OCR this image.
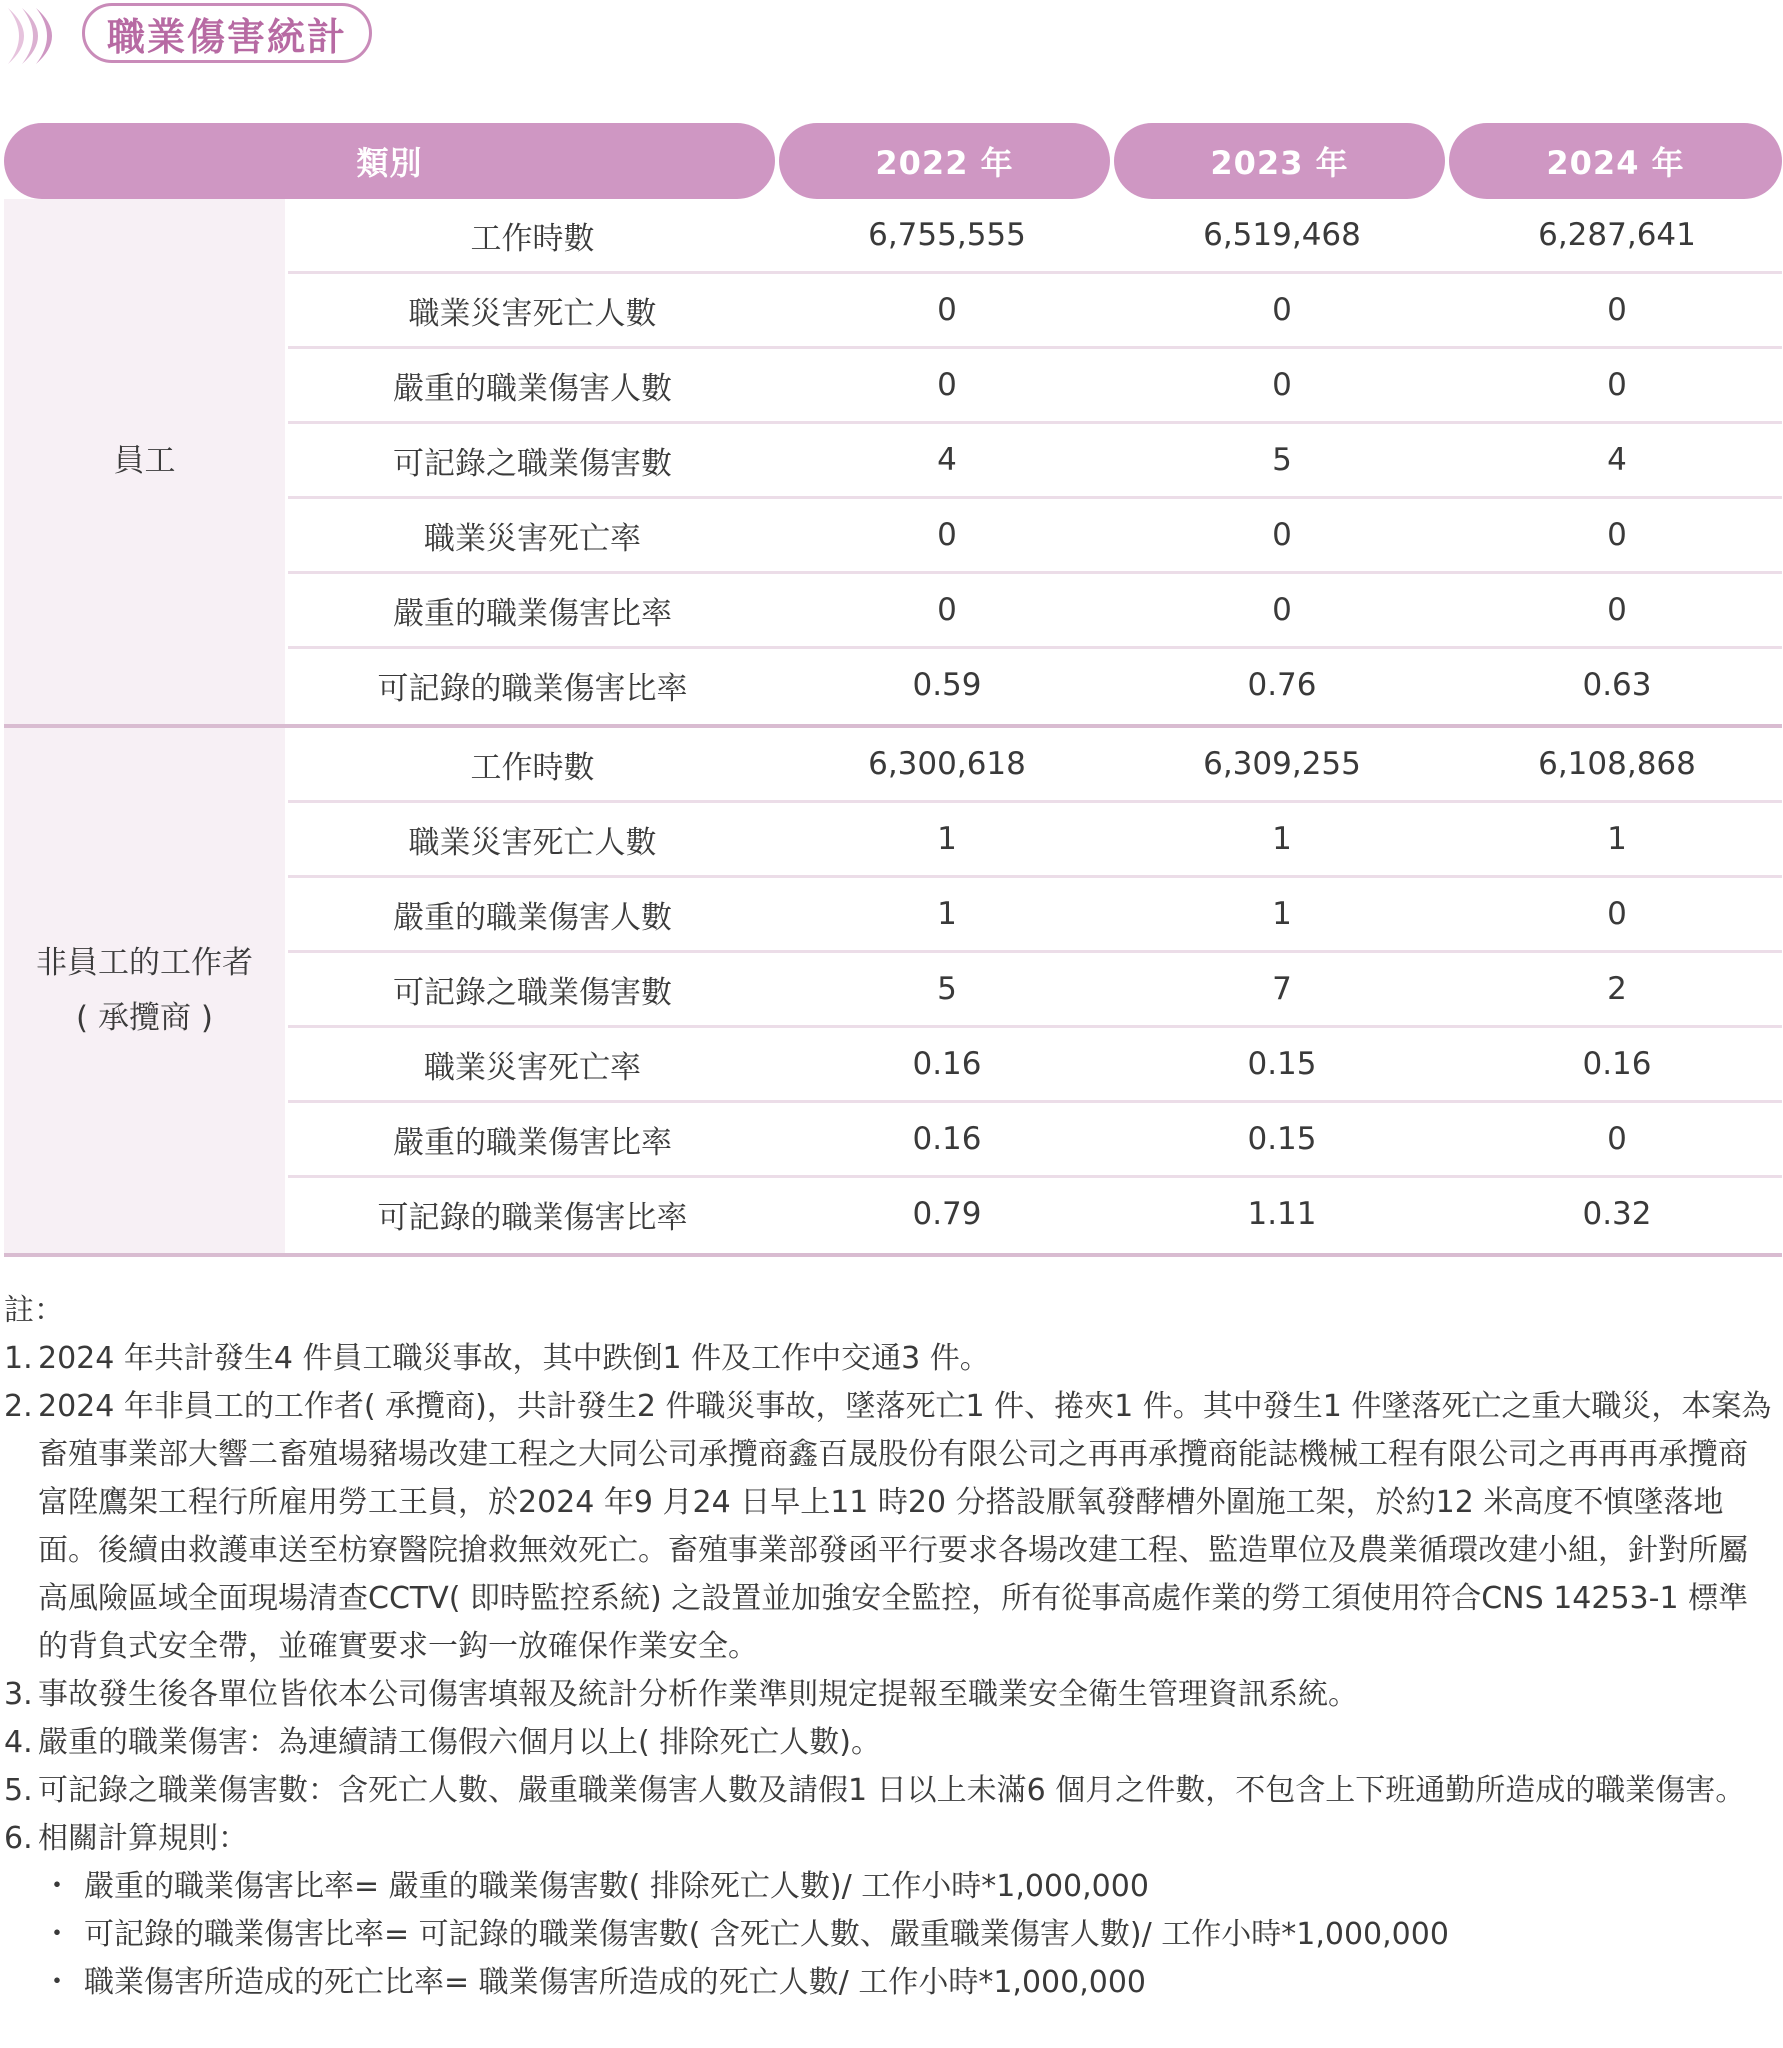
職業傷害統計
類別	2022 年	2023 年	2024 年
員工
工作時數	6,755,555	6,519,468	6,287,641
職業災害死亡人數	0	0	0
嚴重的職業傷害人數	0	0	0
可記錄之職業傷害數	4	5	4
職業災害死亡率	0	0	0
嚴重的職業傷害比率	0	0	0
可記錄的職業傷害比率	0.59	0.76	0.63
非員工的工作者
( 承攬商 )
工作時數	6,300,618	6,309,255	6,108,868
職業災害死亡人數	1	1	1
嚴重的職業傷害人數	1	1	0
可記錄之職業傷害數	5	7	2
職業災害死亡率	0.16	0.15	0.16
嚴重的職業傷害比率	0.16	0.15	0
可記錄的職業傷害比率	0.79	1.11	0.32

註：

1. 2024 年共計發生4 件員工職災事故，其中跌倒1 件及工作中交通3 件。
2. 2024 年非員工的工作者( 承攬商)，共計發生2 件職災事故，墜落死亡1 件、捲夾1 件。其中發生1 件墜落死亡之重大職災，本案為畜殖事業部大響二畜殖場豬場改建工程之大同公司承攬商鑫百晟股份有限公司之再再承攬商能誌機械工程有限公司之再再再承攬商富陞鷹架工程行所雇用勞工王員，於2024 年9 月24 日早上11 時20 分搭設厭氧發酵槽外圍施工架，於約12 米高度不慎墜落地面。後續由救護車送至枋寮醫院搶救無效死亡。畜殖事業部發函平行要求各場改建工程、監造單位及農業循環改建小組，針對所屬高風險區域全面現場清查CCTV( 即時監控系統) 之設置並加強安全監控，所有從事高處作業的勞工須使用符合CNS 14253-1 標準的背負式安全帶，並確實要求一鈎一放確保作業安全。
3. 事故發生後各單位皆依本公司傷害填報及統計分析作業準則規定提報至職業安全衛生管理資訊系統。
4. 嚴重的職業傷害：為連續請工傷假六個月以上( 排除死亡人數)。
5. 可記錄之職業傷害數：含死亡人數、嚴重職業傷害人數及請假1 日以上未滿6 個月之件數，不包含上下班通勤所造成的職業傷害。
6. 相關計算規則：
・ 嚴重的職業傷害比率= 嚴重的職業傷害數( 排除死亡人數)/ 工作小時*1,000,000
・ 可記錄的職業傷害比率= 可記錄的職業傷害數( 含死亡人數、嚴重職業傷害人數)/ 工作小時*1,000,000
・ 職業傷害所造成的死亡比率= 職業傷害所造成的死亡人數/ 工作小時*1,000,000
